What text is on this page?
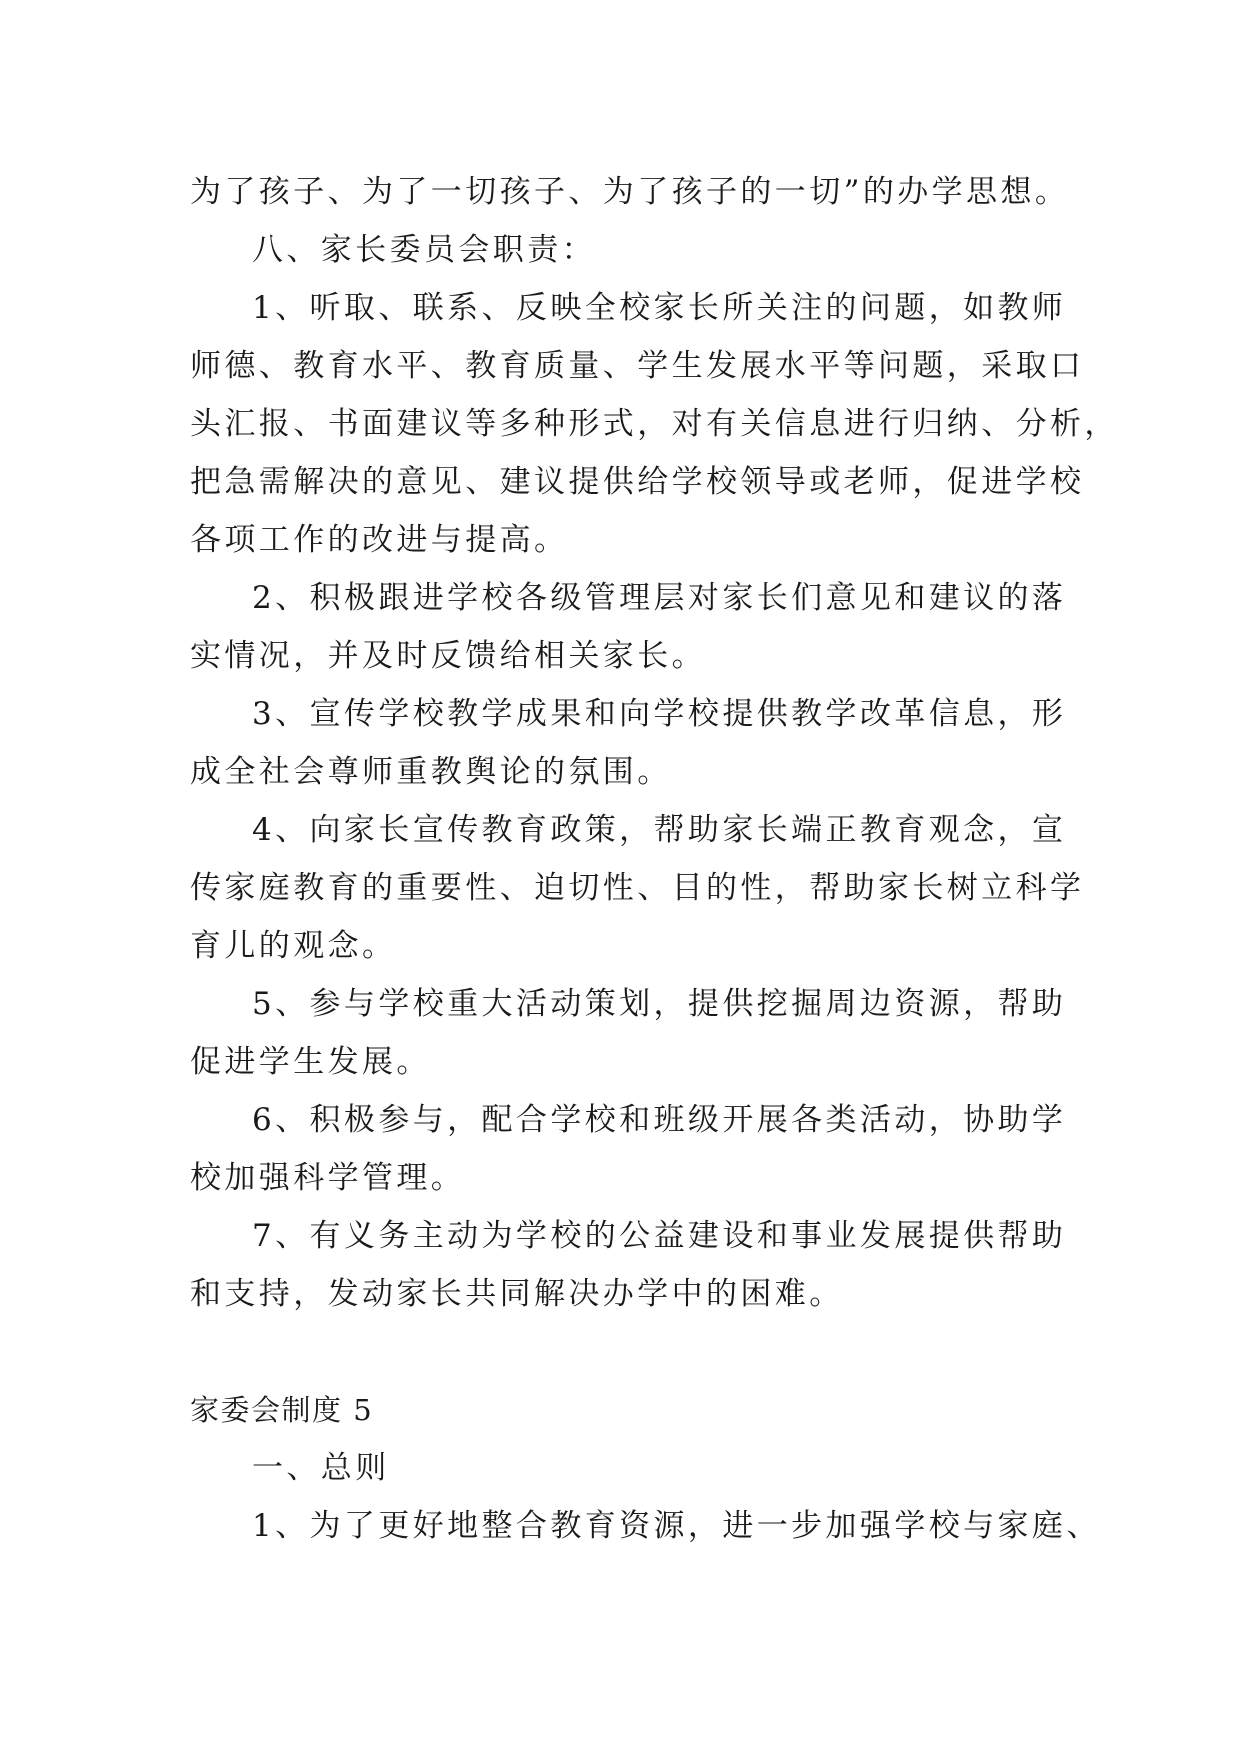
为了孩子、为了一切孩子、为了孩子的一切”的办学思想。
八、家长委员会职责：
1、听取、联系、反映全校家长所关注的问题，如教师
师德、教育水平、教育质量、学生发展水平等问题，采取口
头汇报、书面建议等多种形式，对有关信息进行归纳、分析，
把急需解决的意见、建议提供给学校领导或老师，促进学校
各项工作的改进与提高。
2、积极跟进学校各级管理层对家长们意见和建议的落
实情况，并及时反馈给相关家长。
3、宣传学校教学成果和向学校提供教学改革信息，形
成全社会尊师重教舆论的氛围。
4、向家长宣传教育政策，帮助家长端正教育观念，宣
传家庭教育的重要性、迫切性、目的性，帮助家长树立科学
育儿的观念。
5、参与学校重大活动策划，提供挖掘周边资源，帮助
促进学生发展。
6、积极参与，配合学校和班级开展各类活动，协助学
校加强科学管理。
7、有义务主动为学校的公益建设和事业发展提供帮助
和支持，发动家长共同解决办学中的困难。
家委会制度 5
一、总则
1、为了更好地整合教育资源，进一步加强学校与家庭、
